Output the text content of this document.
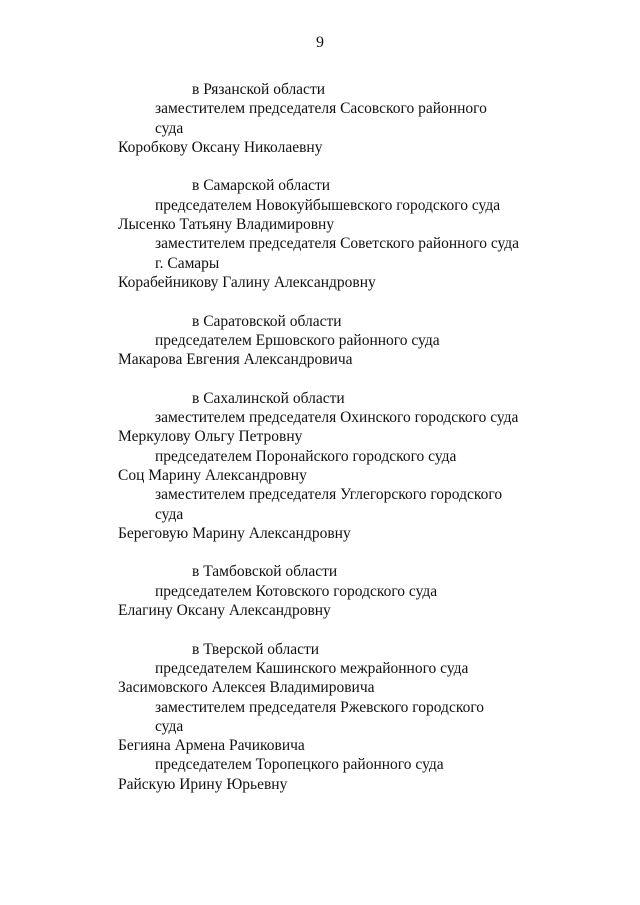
9
в Рязанской области
заместителем председателя Сасовского районного
суда
Коробкову Оксану Николаевну
в Самарской области
председателем Новокуйбышевского городского суда
Лысенко Татьяну Владимировну
заместителем председателя Советского районного суда
г. Самары
Корабейникову Галину Александровну
в Саратовской области
председателем Ершовского районного суда
Макарова Евгения Александровича
в Сахалинской области
заместителем председателя Охинского городского суда
Меркулову Ольгу Петровну
председателем Поронайского городского суда
Соц Марину Александровну
заместителем председателя Углегорского городского
суда
Береговую Марину Александровну
в Тамбовской области
председателем Котовского городского суда
Елагину Оксану Александровну
в Тверской области
председателем Кашинского межрайонного суда
Засимовского Алексея Владимировича
заместителем председателя Ржевского городского
суда
Бегияна Армена Рачиковича
председателем Торопецкого районного суда
Райскую Ирину Юрьевну
